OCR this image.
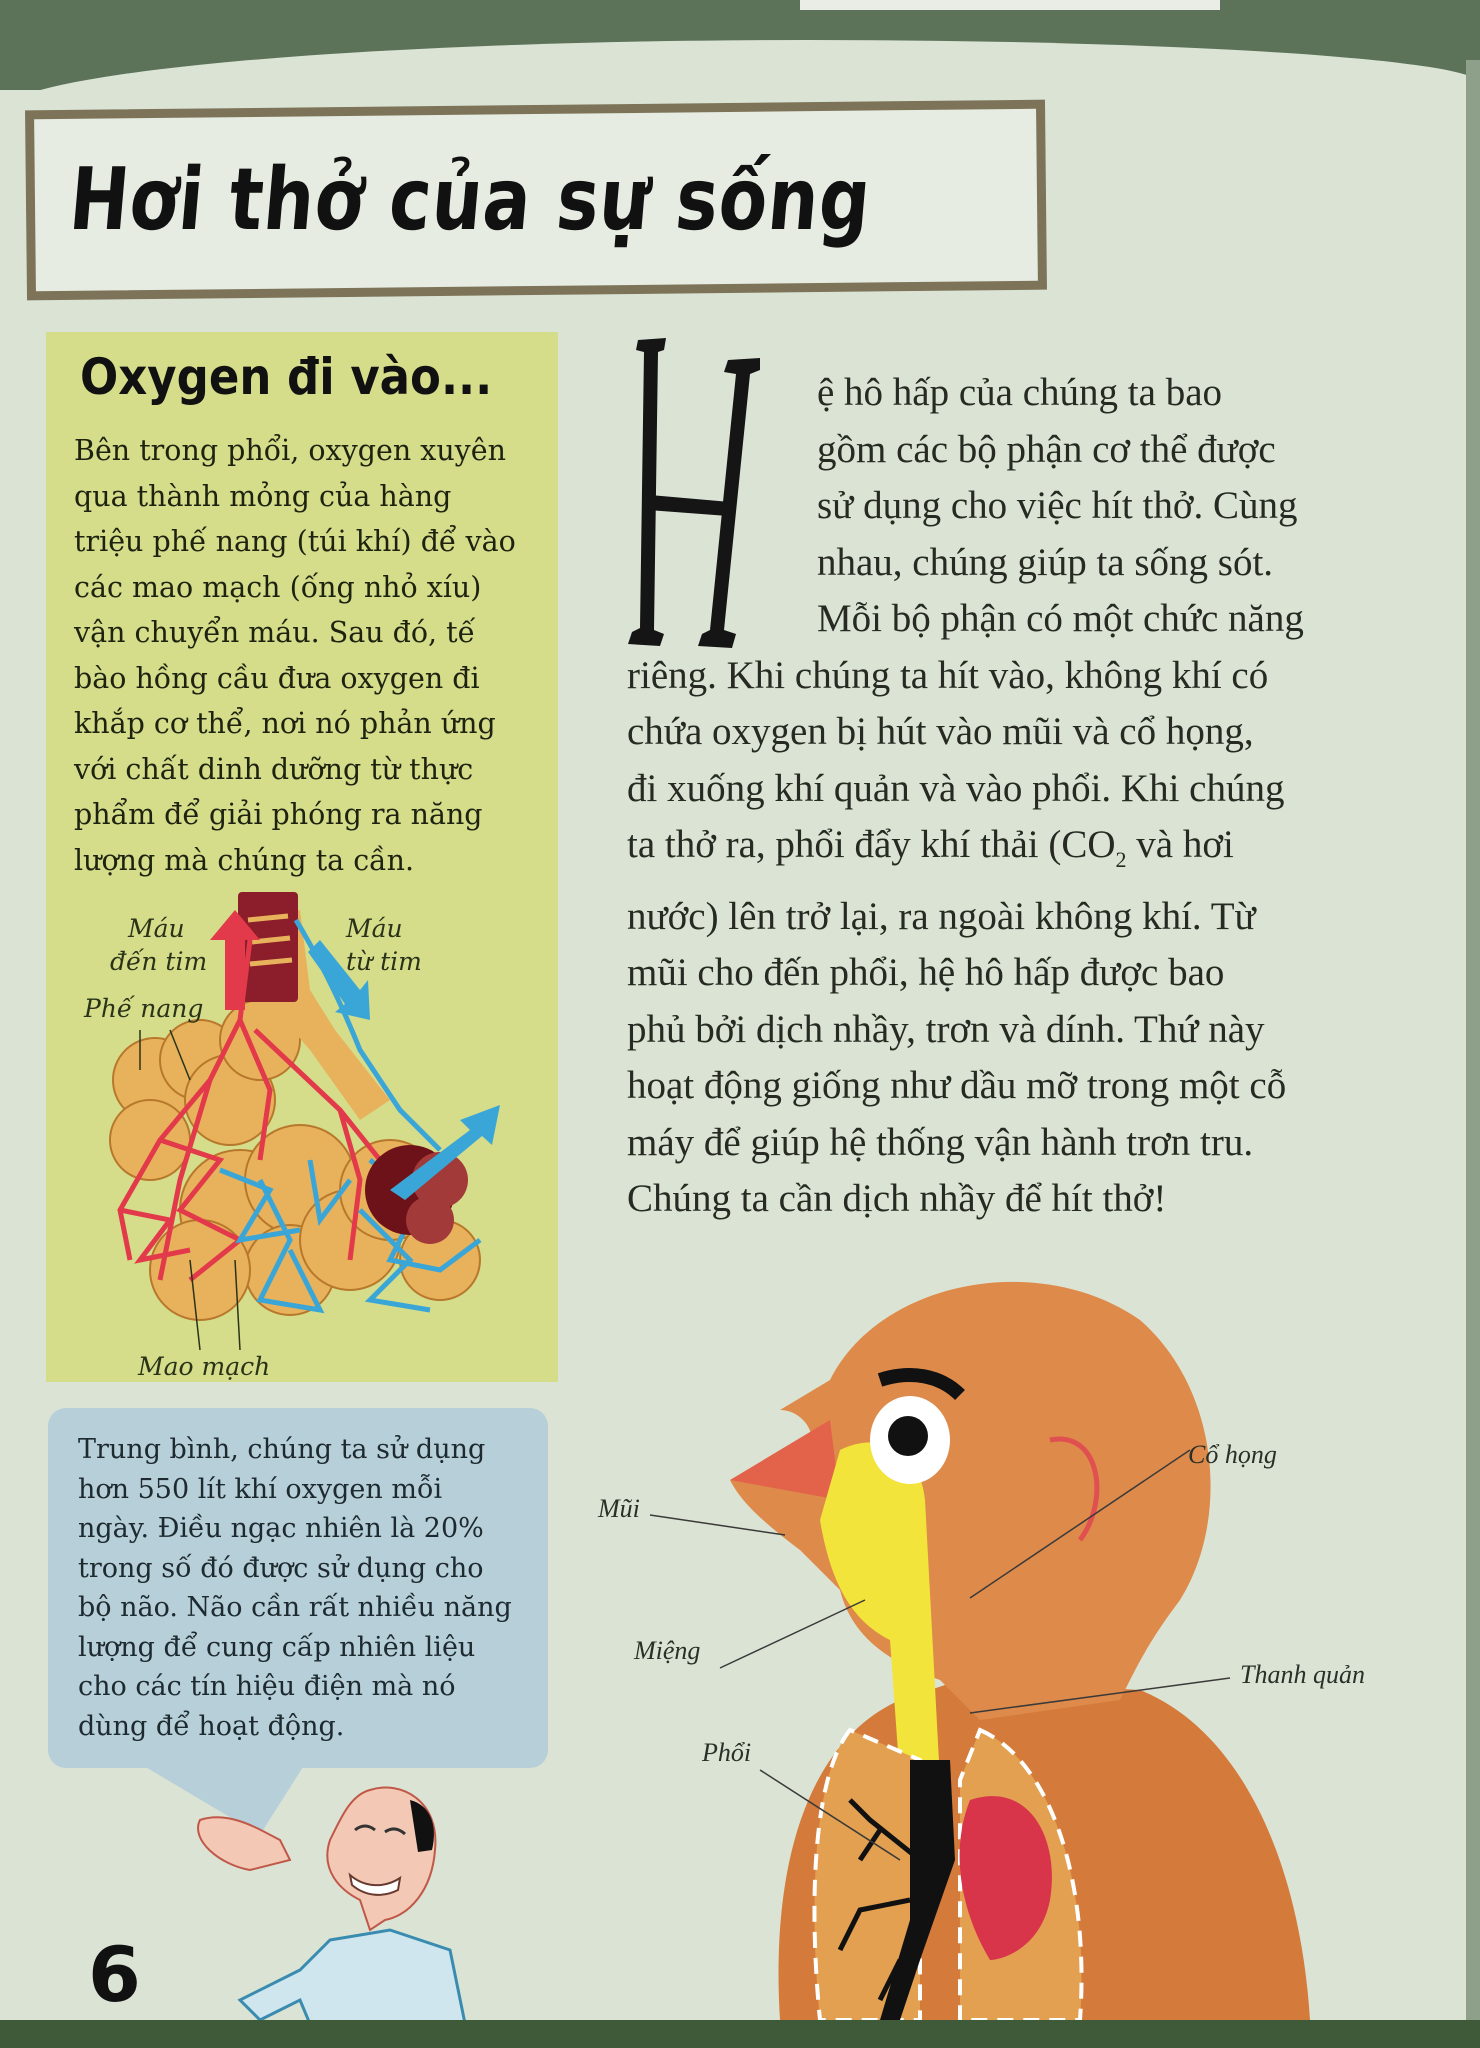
Hơi thở của sự sống
Oxygen đi vào...
Bên trong phổi, oxygen xuyên
qua thành mỏng của hàng
triệu phế nang (túi khí) để vào
các mao mạch (ống nhỏ xíu)
vận chuyển máu. Sau đó, tế
bào hồng cầu đưa oxygen đi
khắp cơ thể, nơi nó phản ứng
với chất dinh dưỡng từ thực
phẩm để giải phóng ra năng
lượng mà chúng ta cần.
Máu
đến tim
Máu
từ tim
Phế nang
Mao mạch
Trung bình, chúng ta sử dụng
hơn 550 lít khí oxygen mỗi
ngày. Điều ngạc nhiên là 20%
trong số đó được sử dụng cho
bộ não. Não cần rất nhiều năng
lượng để cung cấp nhiên liệu
cho các tín hiệu điện mà nó
dùng để hoạt động.
6
ệ hô hấp của chúng ta bao
gồm các bộ phận cơ thể được
sử dụng cho việc hít thở. Cùng
nhau, chúng giúp ta sống sót.
Mỗi bộ phận có một chức năng
riêng. Khi chúng ta hít vào, không khí có
chứa oxygen bị hút vào mũi và cổ họng,
đi xuống khí quản và vào phổi. Khi chúng
ta thở ra, phổi đẩy khí thải ($CO_2$ và hơi
nước) lên trở lại, ra ngoài không khí. Từ
mũi cho đến phổi, hệ hô hấp được bao
phủ bởi dịch nhầy, trơn và dính. Thứ này
hoạt động giống như dầu mỡ trong một cỗ
máy để giúp hệ thống vận hành trơn tru.
Chúng ta cần dịch nhầy để hít thở!
Mũi
Cổ họng
Miệng
Thanh quản
Phổi
